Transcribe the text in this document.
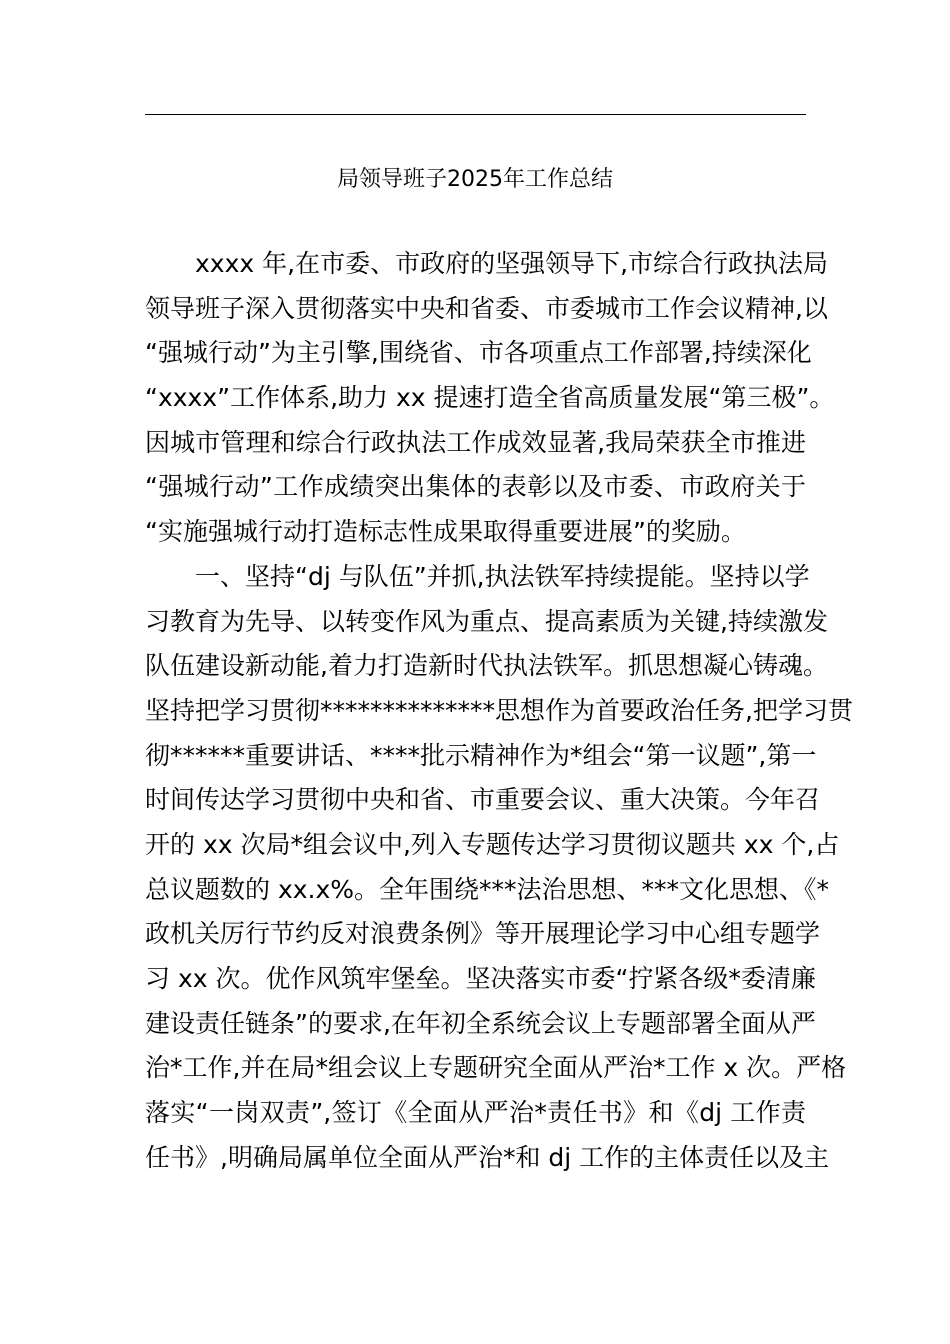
局领导班子2025年工作总结
xxxx 年,在市委、市政府的坚强领导下,市综合行政执法局
领导班子深入贯彻落实中央和省委、市委城市工作会议精神,以
“强城行动”为主引擎,围绕省、市各项重点工作部署,持续深化
“xxxx”工作体系,助力 xx 提速打造全省高质量发展“第三极”。
因城市管理和综合行政执法工作成效显著,我局荣获全市推进
“强城行动”工作成绩突出集体的表彰以及市委、市政府关于
“实施强城行动打造标志性成果取得重要进展”的奖励。
一、坚持“dj 与队伍”并抓,执法铁军持续提能。坚持以学
习教育为先导、以转变作风为重点、提高素质为关键,持续激发
队伍建设新动能,着力打造新时代执法铁军。抓思想凝心铸魂。
坚持把学习贯彻**************思想作为首要政治任务,把学习贯
彻******重要讲话、****批示精神作为*组会“第一议题”,第一
时间传达学习贯彻中央和省、市重要会议、重大决策。今年召
开的 xx 次局*组会议中,列入专题传达学习贯彻议题共 xx 个,占
总议题数的 xx.x%。全年围绕***法治思想、***文化思想、《*
政机关厉行节约反对浪费条例》等开展理论学习中心组专题学
习 xx 次。优作风筑牢堡垒。坚决落实市委“拧紧各级*委清廉
建设责任链条”的要求,在年初全系统会议上专题部署全面从严
治*工作,并在局*组会议上专题研究全面从严治*工作 x 次。严格
落实“一岗双责”,签订《全面从严治*责任书》和《dj 工作责
任书》,明确局属单位全面从严治*和 dj 工作的主体责任以及主
